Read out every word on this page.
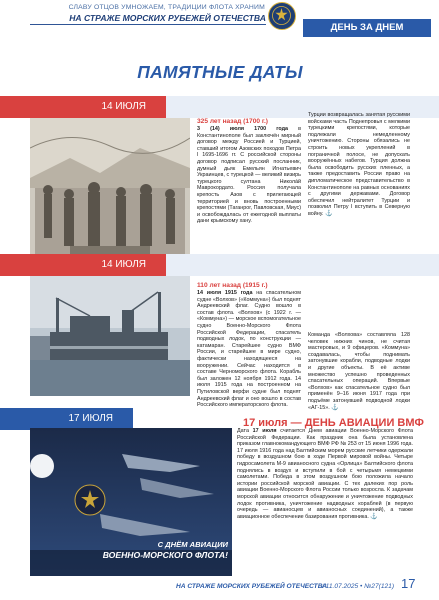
СЛАВУ ОТЦОВ УМНОЖАЕМ, ТРАДИЦИИ ФЛОТА ХРАНИМ
НА СТРАЖЕ МОРСКИХ РУБЕЖЕЙ ОТЕЧЕСТВА
ДЕНЬ ЗА ДНЕМ
ПАМЯТНЫЕ ДАТЫ
14 ИЮЛЯ
325 лет назад (1700 г.)
3 (14) июля 1700 года в Константинополе был заключён мирный договор между Россией и Турцией, ставший итогом Азовских походов Петра I 1695-1696 гг. С российской стороны договор подписал русский посланник, думный дьяк Емельян Игнатьевич Украинцев, с турецкой — великий визирь турецкого султана Никола́й Маврокордато. Россия получала крепость Азов с прилегающей территорией и вновь построенными крепостями (Таганрог, Павловская, Миус) и освобождалась от ежегодной выплаты дани крымскому хану.
Турции возвращалась занятая русскими войсками часть Поднепровья с мелкими турецкими крепостями, которые подлежали немедленному уничтожению. Стороны обязались не строить новых укреплений в пограничной полосе, не допускать вооружённых набегов. Турция должна была освободить русских пленных, а также предоставить России право на дипломатическое представительство в Константинополе на равных основаниях с другими державами. Договор обеспечил нейтралитет Турции и позволил Петру I вступить в Северную войну. ⚓
14 ИЮЛЯ
110 лет назад (1915 г.)
14 июля 1915 года на спасательном судне «Волхов» («Коммуна») был поднят Андреевский флаг. Судно вошло в состав флота. «Волхов» (с 1922 г. — «Коммуна») — морское вспомогательное судно Военно-Морского Флота Российской Федерации, спасатель подводных лодок, по конструкции — катамаран. Старейшее судно ВМФ России, и старейшее в мире судно, фактически находящееся на вооружении. Сейчас находится в составе Черноморского флота. Корабль был заложен 12 ноября 1912 года. 14 июля 1915 года на построенном на Путиловской верфи судне был поднят Андреевский флаг и оно вошло в состав Российского императорского флота.
Команда «Волхова» составляла 128 человек нижних чинов, не считая мастеровых, и 9 офицеров. «Коммуна» создавалась, чтобы поднимать затонувшие корабли, подводные лодки и другие объекты. В её активе множество успешно проведенных спасательных операций. Впервые «Волхов» как спасательное судно был применён 9–16 июня 1917 года при подъёме затонувшей подводной лодки «АГ-15». ⚓
17 ИЮЛЯ	17 июля — ДЕНЬ АВИАЦИИ ВМФ
С ДНЁМ АВИАЦИИ
ВОЕННО-МОРСКОГО ФЛОТА!
Дата 17 июля считается Днем авиации Военно-Морского Флота Российской Федерации. Как праздник она была установлена приказом главнокомандующего ВМФ РФ № 253 от 15 июня 1996 года. 17 июля 1916 года над Балтийским морем русские летчики одержали победу в воздушном бою в ходе Первой мировой войны. Четыре гидросамолета М-9 авианосного судна «Орлица» Балтийского флота поднялись в воздух и вступили в бой с четырьмя немецкими самолетами. Победа в этом воздушном бою положила начало истории российской морской авиации. С тех далеких пор роль авиации Военно-Морского Флота России только возросла. К задачам морской авиации относится обнаружение и уничтожение подводных лодок противника, уничтожение надводных кораблей (в первую очередь — авианосцев и авианосных соединений), а также авиационное обеспечение базирования противника. ⚓
НА СТРАЖЕ МОРСКИХ РУБЕЖЕЙ ОТЕЧЕСТВА
/ 11.07.2025 • №27(121) 17
